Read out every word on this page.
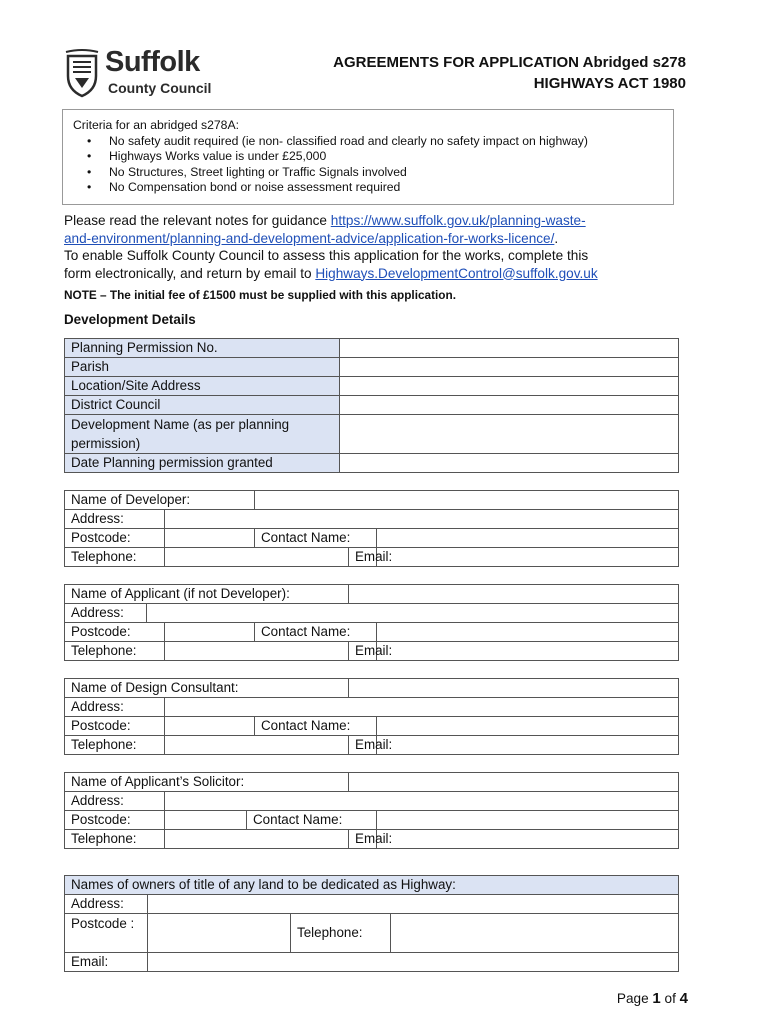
Suffolk
County Council
AGREEMENTS FOR APPLICATION Abridged s278
HIGHWAYS ACT 1980
Criteria for an abridged s278A:
• No safety audit required (ie non- classified road and clearly no safety impact on highway)
• Highways Works value is under £25,000
• No Structures, Street lighting or Traffic Signals involved
• No Compensation bond or noise assessment required
Please read the relevant notes for guidance https://www.suffolk.gov.uk/planning-waste-
and-environment/planning-and-development-advice/application-for-works-licence/.
To enable Suffolk County Council to assess this application for the works, complete this
form electronically, and return by email to Highways.DevelopmentControl@suffolk.gov.uk
NOTE – The initial fee of £1500 must be supplied with this application.
Development Details
Planning Permission No.	
Parish	
Location/Site Address	
District Council	
Development Name (as per planning permission)	
Date Planning permission granted	
Name of Developer:				
Address:				
Postcode:		Contact Name:		
Telephone:			Email:	
Name of Applicant (if not Developer):					
Address:					
Postcode:			Contact Name:		
Telephone:				Email:	
Name of Design Consultant:				
Address:				
Postcode:		Contact Name:		
Telephone:			Email:	
Name of Applicant’s Solicitor:				
Address:				
Postcode:		Contact Name:		
Telephone:			Email:	
Names of owners of title of any land to be dedicated as Highway:			
Address:			
Postcode :		Telephone:	
Email:			
Page 1 of 4
